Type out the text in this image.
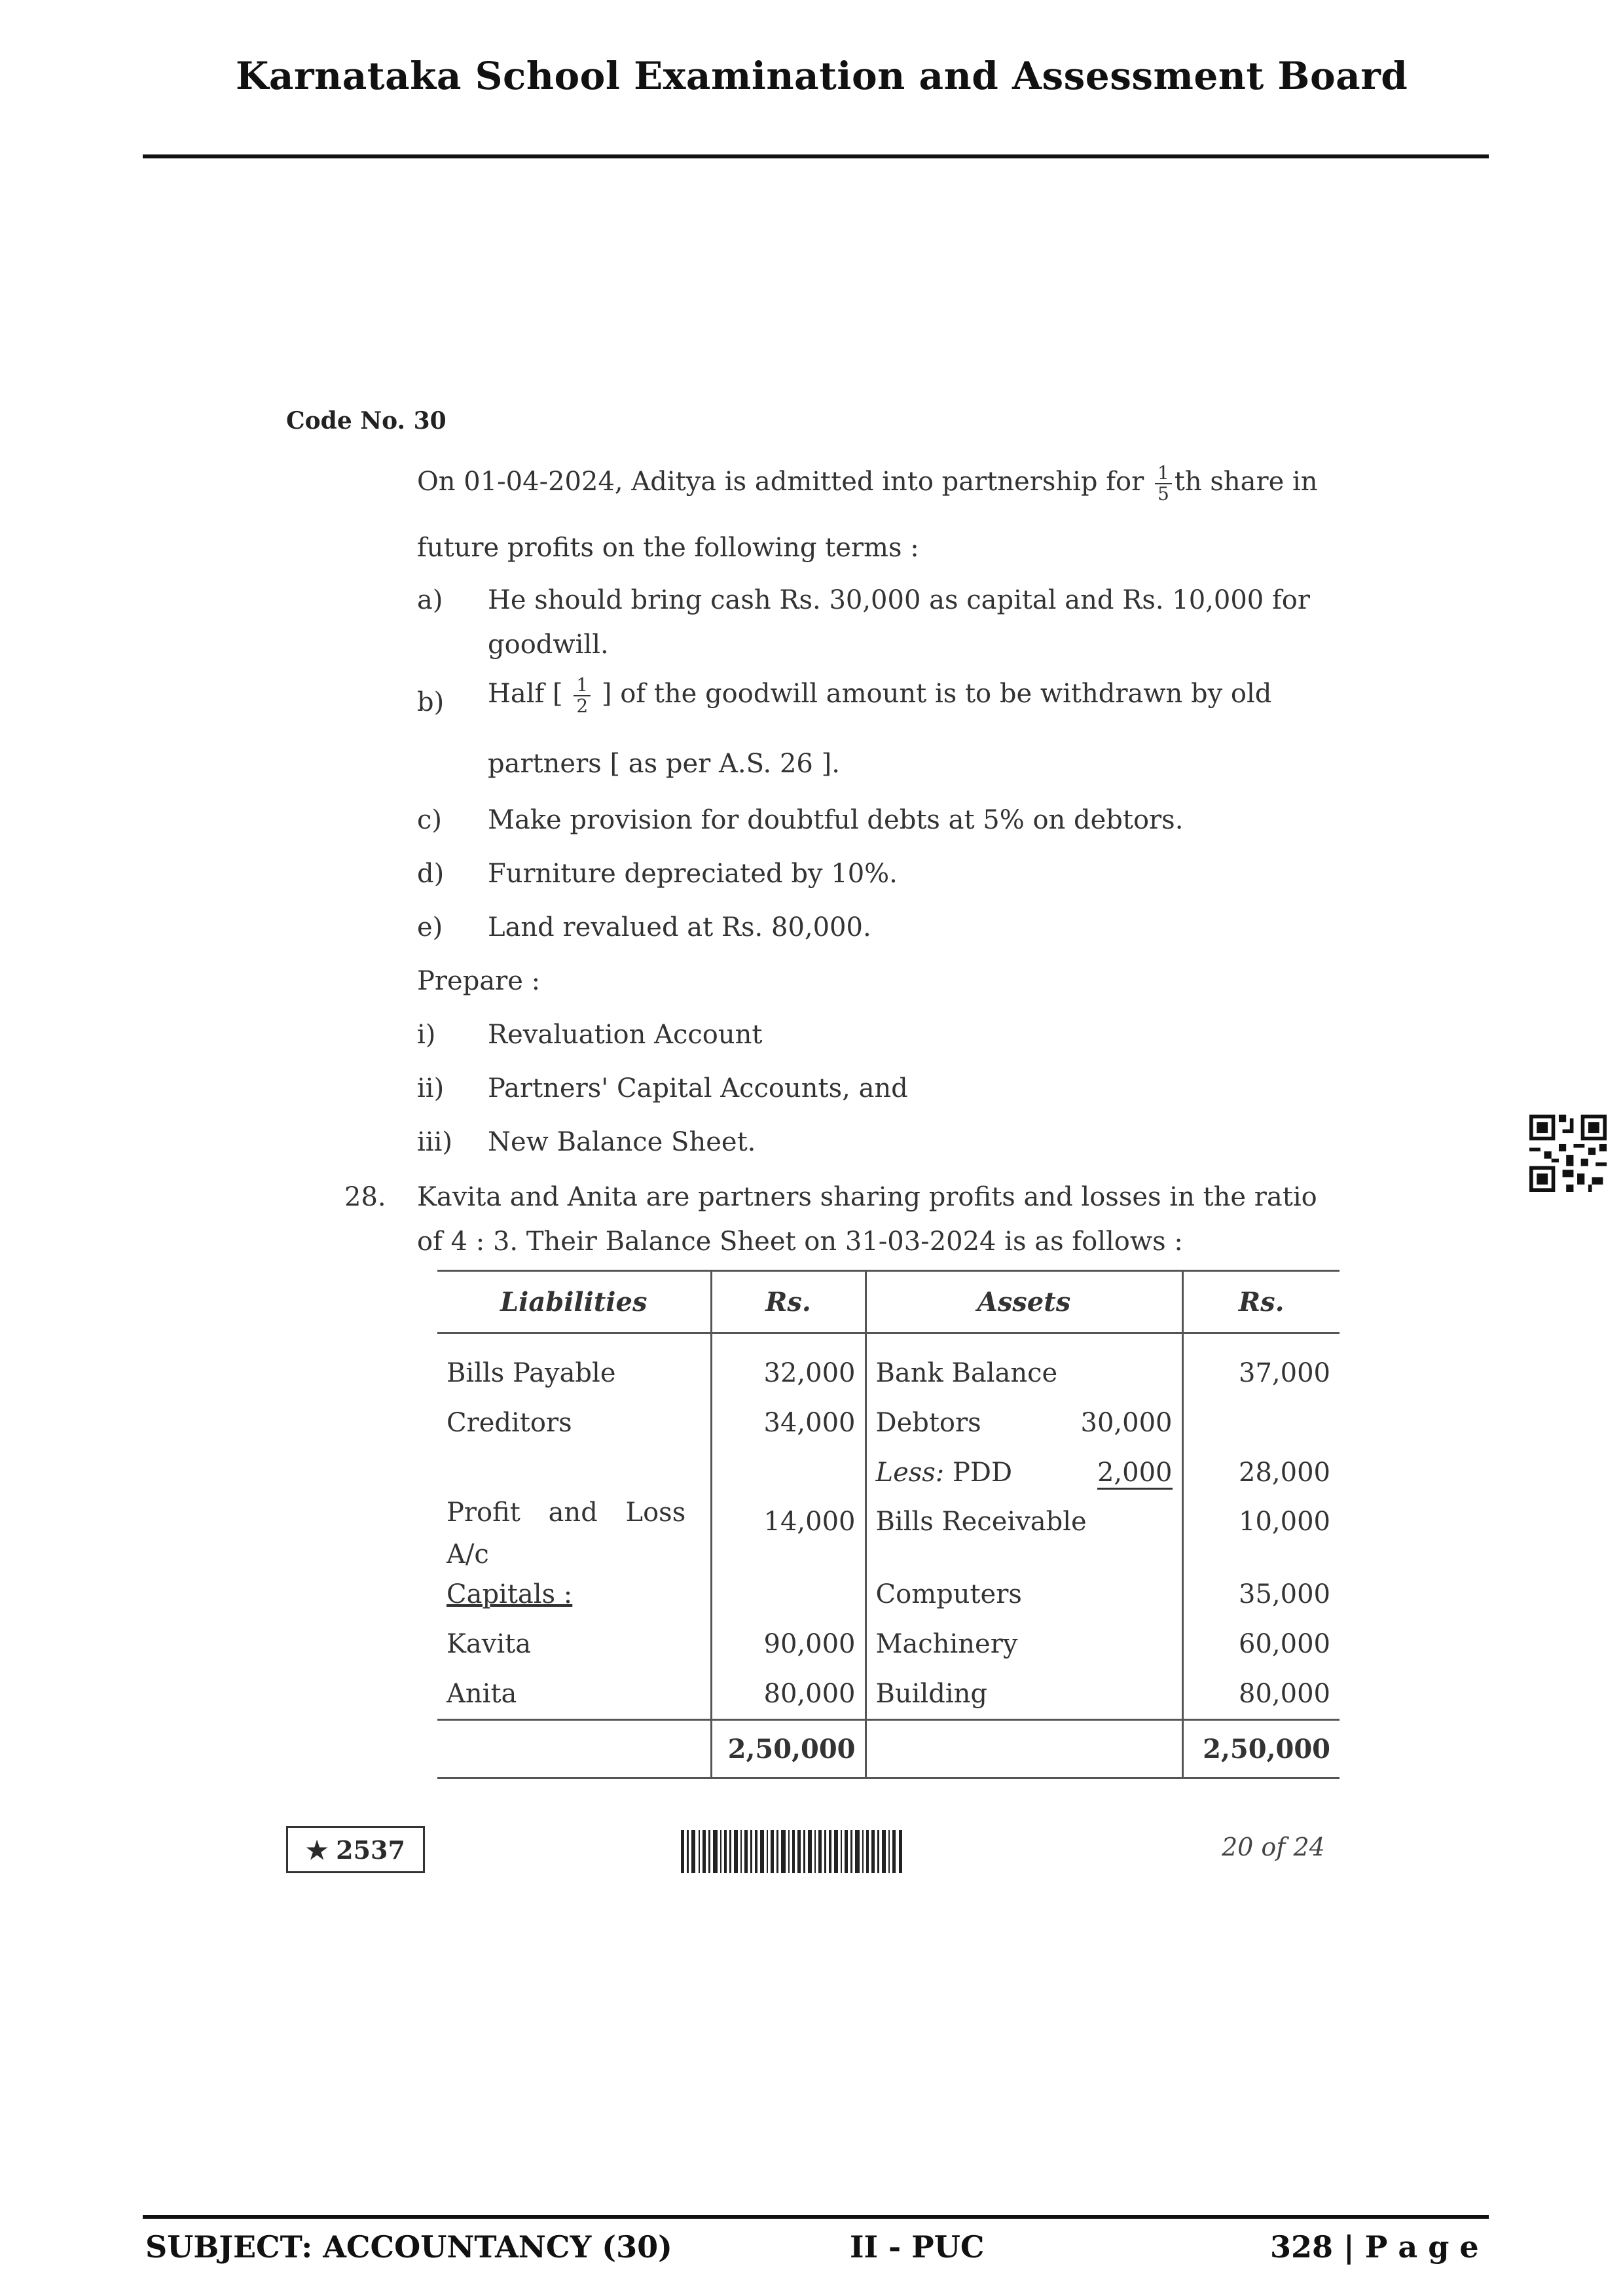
Karnataka School Examination and Assessment Board
Code No. 30
On 01-04-2024, Aditya is admitted into partnership for $\frac{1}{5}$ th share in
future profits on the following terms :
a) He should bring cash Rs. 30,000 as capital and Rs. 10,000 for
goodwill.
b) Half [ $\frac{1}{2}$ ] of the goodwill amount is to be withdrawn by old
partners [ as per A.S. 26 ].
c) Make provision for doubtful debts at 5% on debtors.
d) Furniture depreciated by 10%.
e) Land revalued at Rs. 80,000.
Prepare :
i) Revaluation Account
ii) Partners' Capital Accounts, and
iii) New Balance Sheet.
28. Kavita and Anita are partners sharing profits and losses in the ratio
of 4 : 3. Their Balance Sheet on 31-03-2024 is as follows :
Liabilities	Rs.	Assets	Rs.
Bills Payable	32,000	Bank Balance	37,000
Creditors	34,000	Debtors 30,000	

		Less: PDD 2,000	28,000

Profit and Loss
A/c	14,000	Bills Receivable	10,000
Capitals :		Computers	35,000
Kavita	90,000	Machinery	60,000
Anita	80,000	Building	80,000
	2,50,000		2,50,000
★ 2537	20 of 24
SUBJECT: ACCOUNTANCY (30)	II - PUC	328 | P a g e
